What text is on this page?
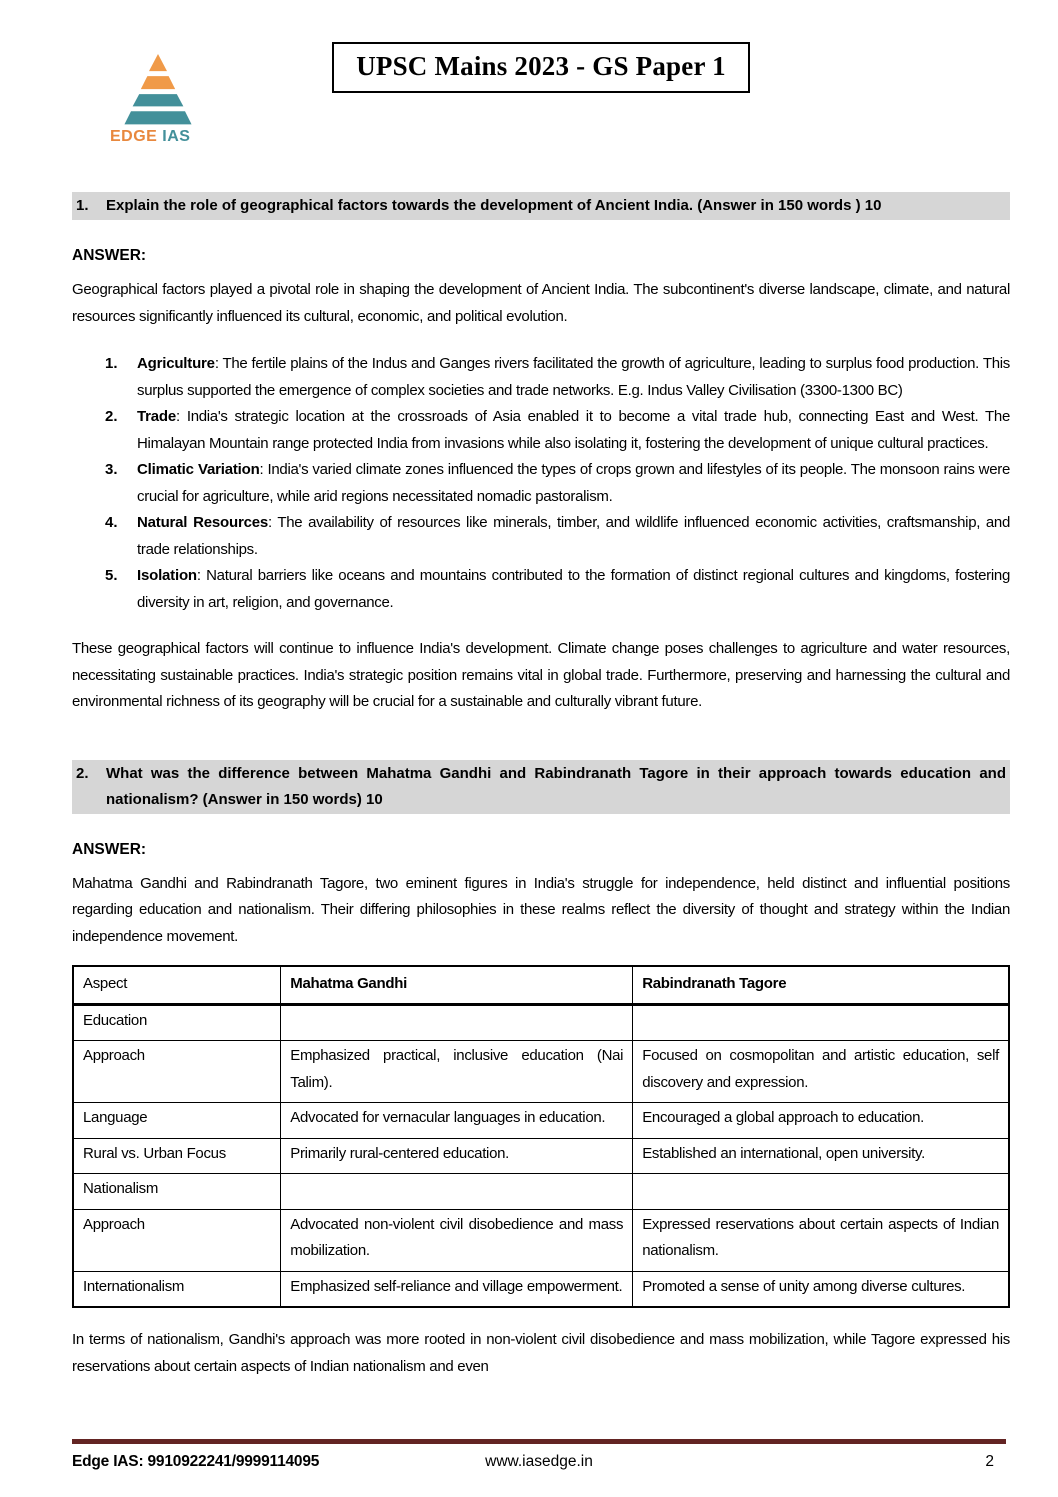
EDGE IAS
UPSC Mains 2023 - GS Paper 1
1.	Explain the role of geographical factors towards the development of Ancient India. (Answer in 150 words ) 10
ANSWER:

Geographical factors played a pivotal role in shaping the development of Ancient India. The subcontinent's diverse landscape, climate, and natural resources significantly influenced its cultural, economic, and political evolution.

1.	Agriculture: The fertile plains of the Indus and Ganges rivers facilitated the growth of agriculture, leading to surplus food production. This surplus supported the emergence of complex societies and trade networks. E.g. Indus Valley Civilisation (3300-1300 BC)
2.	Trade: India's strategic location at the crossroads of Asia enabled it to become a vital trade hub, connecting East and West. The Himalayan Mountain range protected India from invasions while also isolating it, fostering the development of unique cultural practices.
3.	Climatic Variation: India's varied climate zones influenced the types of crops grown and lifestyles of its people. The monsoon rains were crucial for agriculture, while arid regions necessitated nomadic pastoralism.
4.	Natural Resources: The availability of resources like minerals, timber, and wildlife influenced economic activities, craftsmanship, and trade relationships.
5.	Isolation: Natural barriers like oceans and mountains contributed to the formation of distinct regional cultures and kingdoms, fostering diversity in art, religion, and governance.

These geographical factors will continue to influence India's development. Climate change poses challenges to agriculture and water resources, necessitating sustainable practices. India's strategic position remains vital in global trade. Furthermore, preserving and harnessing the cultural and environmental richness of its geography will be crucial for a sustainable and culturally vibrant future.

2.	What was the difference between Mahatma Gandhi and Rabindranath Tagore in their approach towards education and nationalism? (Answer in 150 words) 10
ANSWER:

Mahatma Gandhi and Rabindranath Tagore, two eminent figures in India's struggle for independence, held distinct and influential positions regarding education and nationalism. Their differing philosophies in these realms reflect the diversity of thought and strategy within the Indian independence movement.

Aspect	Mahatma Gandhi	Rabindranath Tagore
Education		
Approach	Emphasized practical, inclusive education (Nai Talim).	Focused on cosmopolitan and artistic education, self discovery and expression.
Language	Advocated for vernacular languages in education.	Encouraged a global approach to education.
Rural vs. Urban Focus	Primarily rural-centered education.	Established an international, open university.
Nationalism		
Approach	Advocated non-violent civil disobedience and mass mobilization.	Expressed reservations about certain aspects of Indian nationalism.
Internationalism	Emphasized self-reliance and village empowerment.	Promoted a sense of unity among diverse cultures.

In terms of nationalism, Gandhi's approach was more rooted in non-violent civil disobedience and mass mobilization, while Tagore expressed his reservations about certain aspects of Indian nationalism and even

Edge IAS: 9910922241/9999114095	www.iasedge.in	2
